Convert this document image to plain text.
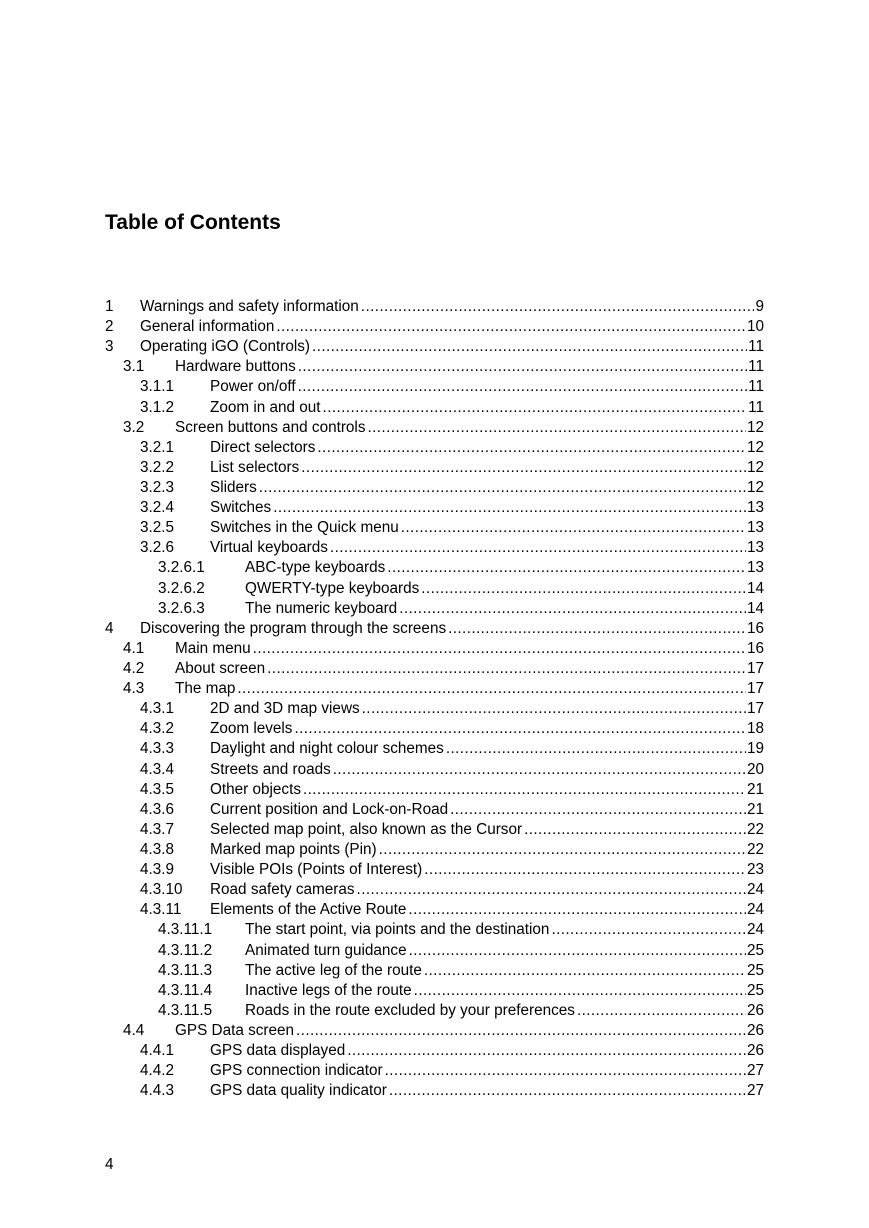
Table of Contents
1	Warnings and safety information .....	9
2	General information .....	10
3	Operating iGO (Controls) .....	11
3.1	Hardware buttons .....	11
3.1.1	Power on/off .....	11
3.1.2	Zoom in and out .....	11
3.2	Screen buttons and controls .....	12
3.2.1	Direct selectors .....	12
3.2.2	List selectors .....	12
3.2.3	Sliders .....	12
3.2.4	Switches .....	13
3.2.5	Switches in the Quick menu .....	13
3.2.6	Virtual keyboards .....	13
3.2.6.1	ABC-type keyboards .....	13
3.2.6.2	QWERTY-type keyboards .....	14
3.2.6.3	The numeric keyboard .....	14
4	Discovering the program through the screens .....	16
4.1	Main menu .....	16
4.2	About screen .....	17
4.3	The map .....	17
4.3.1	2D and 3D map views .....	17
4.3.2	Zoom levels .....	18
4.3.3	Daylight and night colour schemes .....	19
4.3.4	Streets and roads .....	20
4.3.5	Other objects .....	21
4.3.6	Current position and Lock-on-Road .....	21
4.3.7	Selected map point, also known as the Cursor .....	22
4.3.8	Marked map points (Pin) .....	22
4.3.9	Visible POIs (Points of Interest) .....	23
4.3.10	Road safety cameras .....	24
4.3.11	Elements of the Active Route .....	24
4.3.11.1	The start point, via points and the destination .....	24
4.3.11.2	Animated turn guidance .....	25
4.3.11.3	The active leg of the route .....	25
4.3.11.4	Inactive legs of the route .....	25
4.3.11.5	Roads in the route excluded by your preferences .....	26
4.4	GPS Data screen .....	26
4.4.1	GPS data displayed .....	26
4.4.2	GPS connection indicator .....	27
4.4.3	GPS data quality indicator .....	27
4
